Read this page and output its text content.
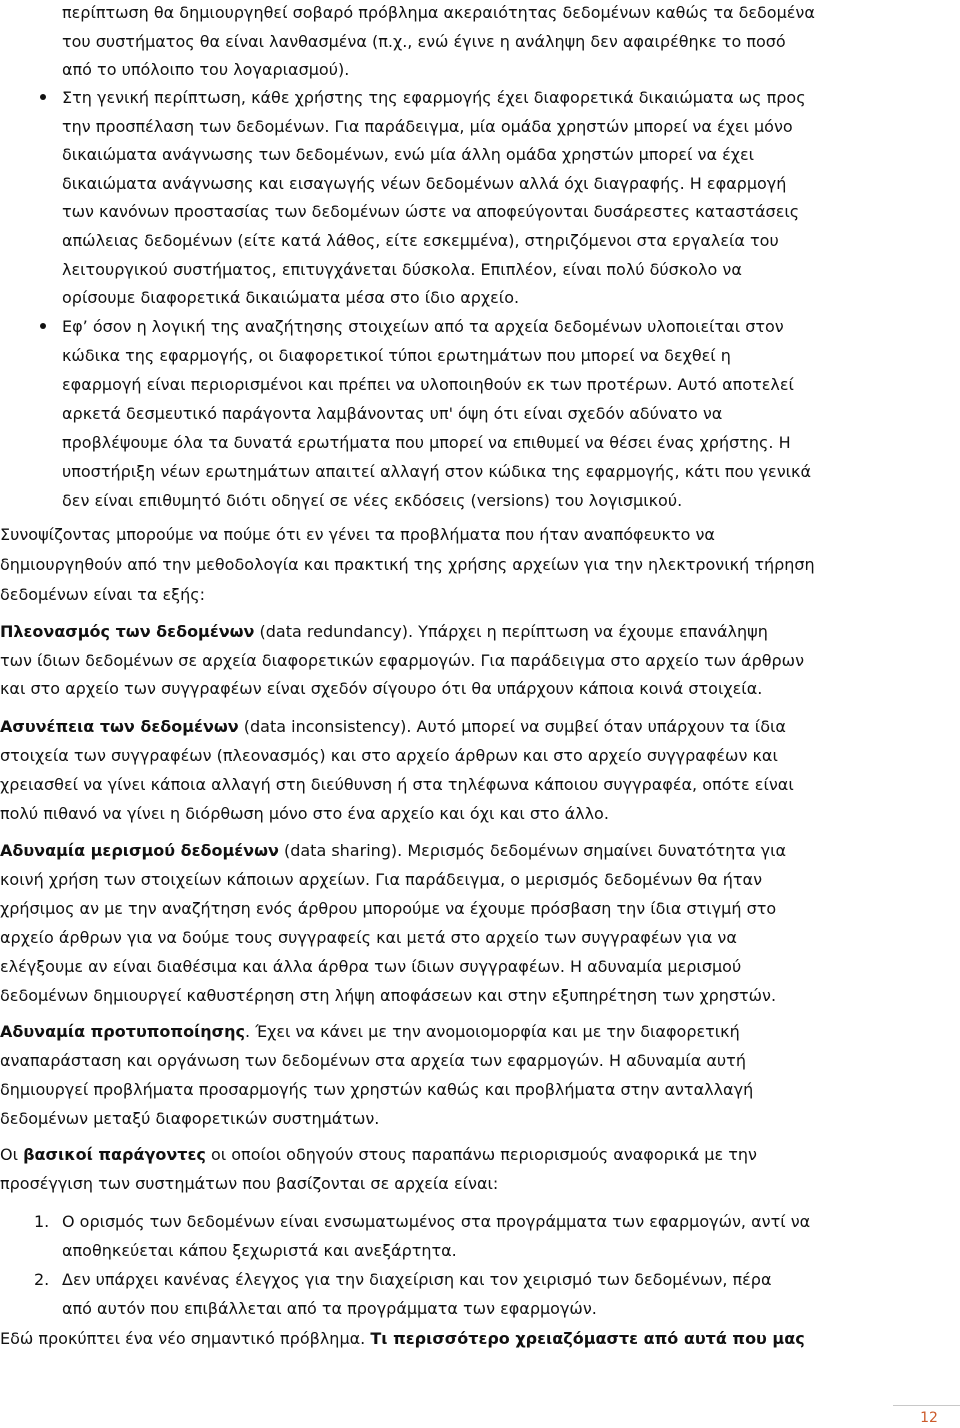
περίπτωση θα δημιουργηθεί σοβαρό πρόβλημα ακεραιότητας δεδομένων καθώς τα δεδομένα
του συστήματος θα είναι λανθασμένα (π.χ., ενώ έγινε η ανάληψη δεν αφαιρέθηκε το ποσό
από το υπόλοιπο του λογαριασμού).
Στη γενική περίπτωση, κάθε χρήστης της εφαρμογής έχει διαφορετικά δικαιώματα ως προς
την προσπέλαση των δεδομένων. Για παράδειγμα, μία ομάδα χρηστών μπορεί να έχει μόνο
δικαιώματα ανάγνωσης των δεδομένων, ενώ μία άλλη ομάδα χρηστών μπορεί να έχει
δικαιώματα ανάγνωσης και εισαγωγής νέων δεδομένων αλλά όχι διαγραφής. Η εφαρμογή
των κανόνων προστασίας των δεδομένων ώστε να αποφεύγονται δυσάρεστες καταστάσεις
απώλειας δεδομένων (είτε κατά λάθος, είτε εσκεμμένα), στηριζόμενοι στα εργαλεία του
λειτουργικού συστήματος, επιτυγχάνεται δύσκολα. Επιπλέον, είναι πολύ δύσκολο να
ορίσουμε διαφορετικά δικαιώματα μέσα στο ίδιο αρχείο.
Εφ’ όσον η λογική της αναζήτησης στοιχείων από τα αρχεία δεδομένων υλοποιείται στον
κώδικα της εφαρμογής, οι διαφορετικοί τύποι ερωτημάτων που μπορεί να δεχθεί η
εφαρμογή είναι περιορισμένοι και πρέπει να υλοποιηθούν εκ των προτέρων. Αυτό αποτελεί
αρκετά δεσμευτικό παράγοντα λαμβάνοντας υπ' όψη ότι είναι σχεδόν αδύνατο να
προβλέψουμε όλα τα δυνατά ερωτήματα που μπορεί να επιθυμεί να θέσει ένας χρήστης. Η
υποστήριξη νέων ερωτημάτων απαιτεί αλλαγή στον κώδικα της εφαρμογής, κάτι που γενικά
δεν είναι επιθυμητό διότι οδηγεί σε νέες εκδόσεις (versions) του λογισμικού.
Συνοψίζοντας μπορούμε να πούμε ότι εν γένει τα προβλήματα που ήταν αναπόφευκτο να
δημιουργηθούν από την μεθοδολογία και πρακτική της χρήσης αρχείων για την ηλεκτρονική τήρηση
δεδομένων είναι τα εξής:
Πλεονασμός των δεδομένων (data redundancy). Υπάρχει η περίπτωση να έχουμε επανάληψη
των ίδιων δεδομένων σε αρχεία διαφορετικών εφαρμογών. Για παράδειγμα στο αρχείο των άρθρων
και στο αρχείο των συγγραφέων είναι σχεδόν σίγουρο ότι θα υπάρχουν κάποια κοινά στοιχεία.
Ασυνέπεια των δεδομένων (data inconsistency). Αυτό μπορεί να συμβεί όταν υπάρχουν τα ίδια
στοιχεία των συγγραφέων (πλεονασμός) και στο αρχείο άρθρων και στο αρχείο συγγραφέων και
χρειασθεί να γίνει κάποια αλλαγή στη διεύθυνση ή στα τηλέφωνα κάποιου συγγραφέα, οπότε είναι
πολύ πιθανό να γίνει η διόρθωση μόνο στο ένα αρχείο και όχι και στο άλλο.
Αδυναμία μερισμού δεδομένων (data sharing). Μερισμός δεδομένων σημαίνει δυνατότητα για
κοινή χρήση των στοιχείων κάποιων αρχείων. Για παράδειγμα, ο μερισμός δεδομένων θα ήταν
χρήσιμος αν με την αναζήτηση ενός άρθρου μπορούμε να έχουμε πρόσβαση την ίδια στιγμή στο
αρχείο άρθρων για να δούμε τους συγγραφείς και μετά στο αρχείο των συγγραφέων για να
ελέγξουμε αν είναι διαθέσιμα και άλλα άρθρα των ίδιων συγγραφέων. Η αδυναμία μερισμού
δεδομένων δημιουργεί καθυστέρηση στη λήψη αποφάσεων και στην εξυπηρέτηση των χρηστών.
Αδυναμία προτυποποίησης. Έχει να κάνει με την ανομοιομορφία και με την διαφορετική
αναπαράσταση και οργάνωση των δεδομένων στα αρχεία των εφαρμογών. Η αδυναμία αυτή
δημιουργεί προβλήματα προσαρμογής των χρηστών καθώς και προβλήματα στην ανταλλαγή
δεδομένων μεταξύ διαφορετικών συστημάτων.
Οι βασικοί παράγοντες οι οποίοι οδηγούν στους παραπάνω περιορισμούς αναφορικά με την
προσέγγιση των συστημάτων που βασίζονται σε αρχεία είναι:
1. Ο ορισμός των δεδομένων είναι ενσωματωμένος στα προγράμματα των εφαρμογών, αντί να
αποθηκεύεται κάπου ξεχωριστά και ανεξάρτητα.
2. Δεν υπάρχει κανένας έλεγχος για την διαχείριση και τον χειρισμό των δεδομένων, πέρα
από αυτόν που επιβάλλεται από τα προγράμματα των εφαρμογών.
Εδώ προκύπτει ένα νέο σημαντικό πρόβλημα. Τι περισσότερο χρειαζόμαστε από αυτά που μας
12
